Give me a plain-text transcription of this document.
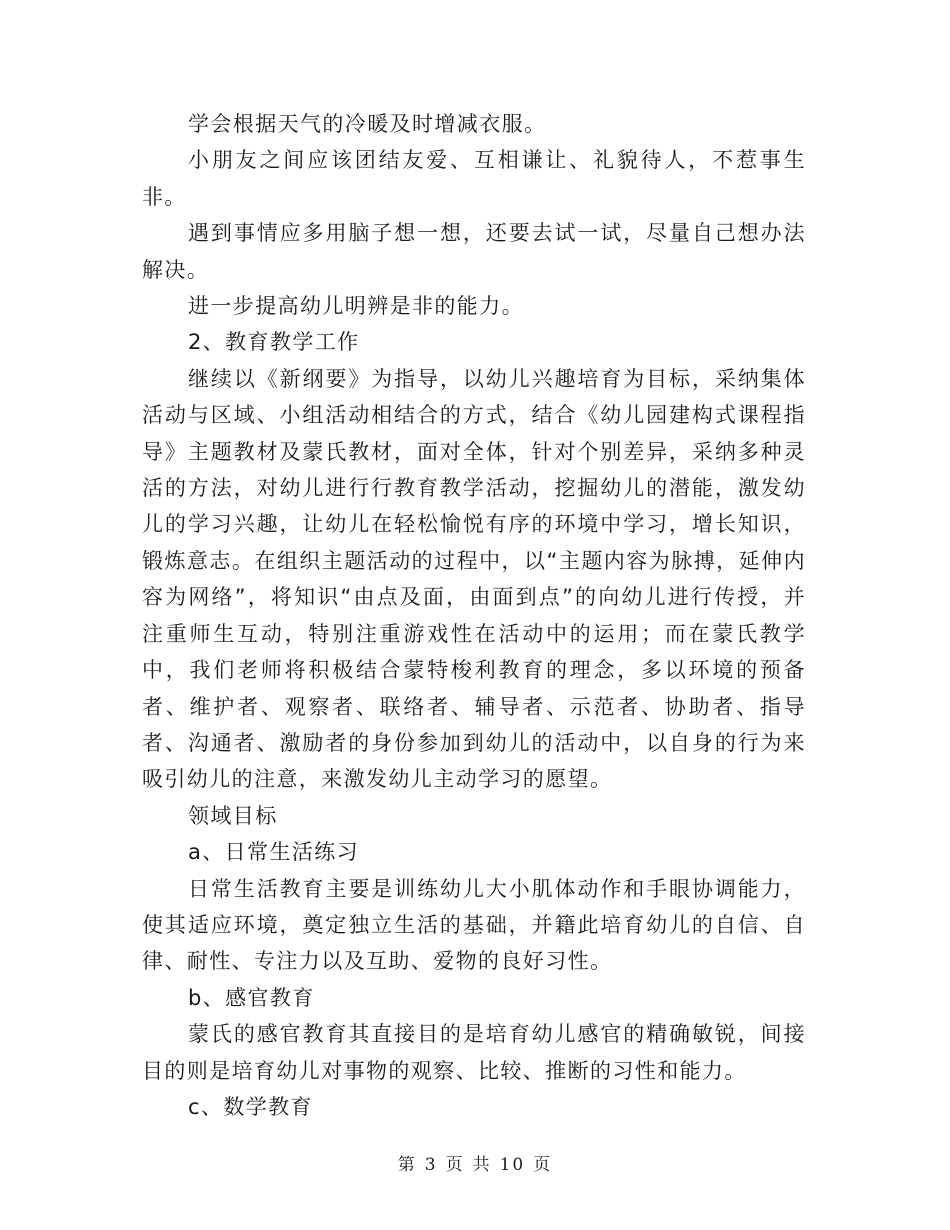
学会根据天气的冷暖及时增减衣服。

小朋友之间应该团结友爱、互相谦让、礼貌待人，不惹事生非。

遇到事情应多用脑子想一想，还要去试一试，尽量自己想办法解决。

进一步提高幼儿明辨是非的能力。

2、教育教学工作

继续以《新纲要》为指导，以幼儿兴趣培育为目标，采纳集体活动与区域、小组活动相结合的方式，结合《幼儿园建构式课程指导》主题教材及蒙氏教材，面对全体，针对个别差异，采纳多种灵活的方法，对幼儿进行行教育教学活动，挖掘幼儿的潜能，激发幼儿的学习兴趣，让幼儿在轻松愉悦有序的环境中学习，增长知识，锻炼意志。在组织主题活动的过程中，以“主题内容为脉搏，延伸内容为网络”，将知识“由点及面，由面到点”的向幼儿进行传授，并注重师生互动，特别注重游戏性在活动中的运用；而在蒙氏教学中，我们老师将积极结合蒙特梭利教育的理念，多以环境的预备者、维护者、观察者、联络者、辅导者、示范者、协助者、指导者、沟通者、激励者的身份参加到幼儿的活动中，以自身的行为来吸引幼儿的注意，来激发幼儿主动学习的愿望。

领域目标

a、日常生活练习

日常生活教育主要是训练幼儿大小肌体动作和手眼协调能力，使其适应环境，奠定独立生活的基础，并籍此培育幼儿的自信、自律、耐性、专注力以及互助、爱物的良好习性。

b、感官教育

蒙氏的感官教育其直接目的是培育幼儿感官的精确敏锐，间接目的则是培育幼儿对事物的观察、比较、推断的习性和能力。

c、数学教育

第 3 页 共 10 页
